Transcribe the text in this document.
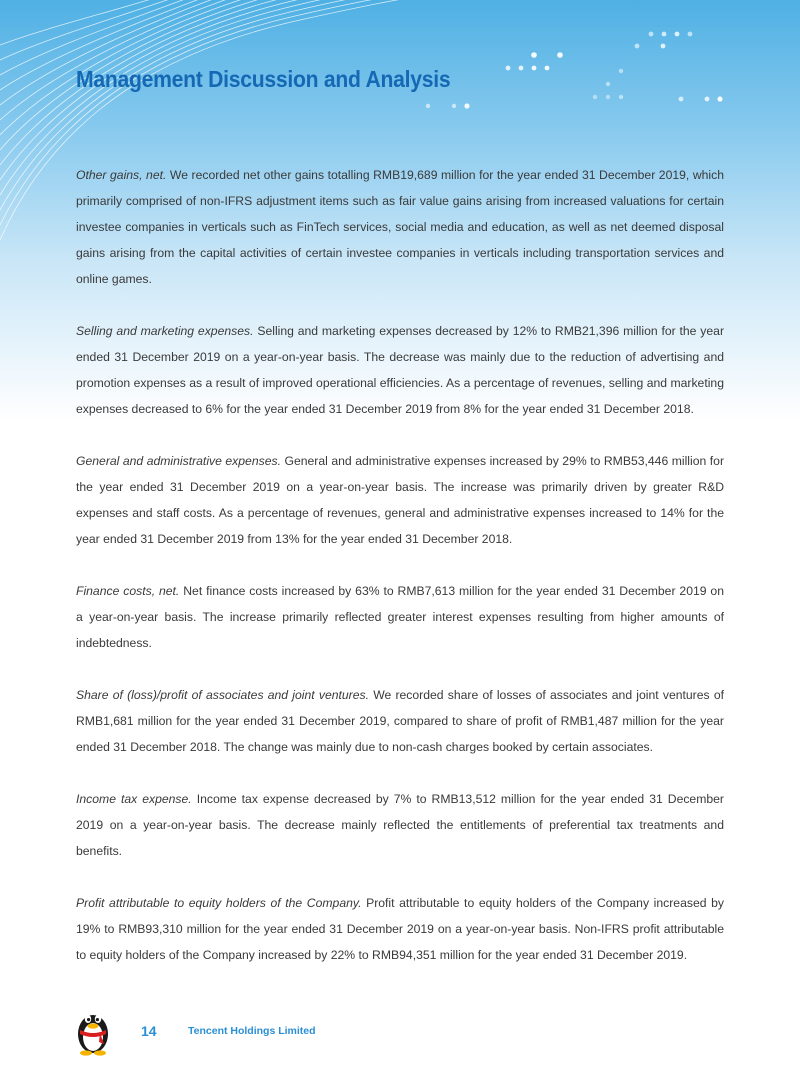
Management Discussion and Analysis

Other gains, net. We recorded net other gains totalling RMB19,689 million for the year ended 31 December 2019, which primarily comprised of non-IFRS adjustment items such as fair value gains arising from increased valuations for certain investee companies in verticals such as FinTech services, social media and education, as well as net deemed disposal gains arising from the capital activities of certain investee companies in verticals including transportation services and online games.

Selling and marketing expenses. Selling and marketing expenses decreased by 12% to RMB21,396 million for the year ended 31 December 2019 on a year-on-year basis. The decrease was mainly due to the reduction of advertising and promotion expenses as a result of improved operational efficiencies. As a percentage of revenues, selling and marketing expenses decreased to 6% for the year ended 31 December 2019 from 8% for the year ended 31 December 2018.

General and administrative expenses. General and administrative expenses increased by 29% to RMB53,446 million for the year ended 31 December 2019 on a year-on-year basis. The increase was primarily driven by greater R&D expenses and staff costs. As a percentage of revenues, general and administrative expenses increased to 14% for the year ended 31 December 2019 from 13% for the year ended 31 December 2018.

Finance costs, net. Net finance costs increased by 63% to RMB7,613 million for the year ended 31 December 2019 on a year-on-year basis. The increase primarily reflected greater interest expenses resulting from higher amounts of indebtedness.

Share of (loss)/profit of associates and joint ventures. We recorded share of losses of associates and joint ventures of RMB1,681 million for the year ended 31 December 2019, compared to share of profit of RMB1,487 million for the year ended 31 December 2018. The change was mainly due to non-cash charges booked by certain associates.

Income tax expense. Income tax expense decreased by 7% to RMB13,512 million for the year ended 31 December 2019 on a year-on-year basis. The decrease mainly reflected the entitlements of preferential tax treatments and benefits.

Profit attributable to equity holders of the Company. Profit attributable to equity holders of the Company increased by 19% to RMB93,310 million for the year ended 31 December 2019 on a year-on-year basis. Non-IFRS profit attributable to equity holders of the Company increased by 22% to RMB94,351 million for the year ended 31 December 2019.

14	Tencent Holdings Limited
